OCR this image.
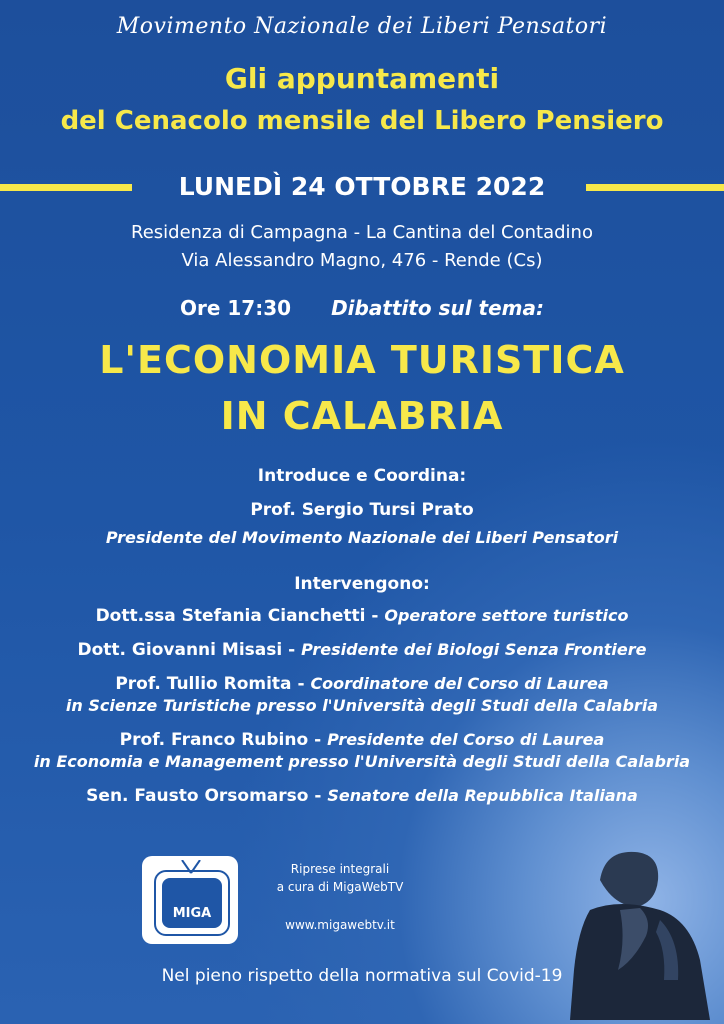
Movimento Nazionale dei Liberi Pensatori
Gli appuntamenti
del Cenacolo mensile del Libero Pensiero
LUNEDÌ 24 OTTOBRE 2022
Residenza di Campagna - La Cantina del Contadino
Via Alessandro Magno, 476 - Rende (Cs)
Ore 17:30 Dibattito sul tema:
L'ECONOMIA TURISTICA
IN CALABRIA
Introduce e Coordina:
Prof. Sergio Tursi Prato
Presidente del Movimento Nazionale dei Liberi Pensatori
Intervengono:
Dott.ssa Stefania Cianchetti - Operatore settore turistico
Dott. Giovanni Misasi - Presidente dei Biologi Senza Frontiere
Prof. Tullio Romita - Coordinatore del Corso di Laurea
in Scienze Turistiche presso l'Università degli Studi della Calabria
Prof. Franco Rubino - Presidente del Corso di Laurea
in Economia e Management presso l'Università degli Studi della Calabria
Sen. Fausto Orsomarso - Senatore della Repubblica Italiana
MIGA
Riprese integrali
a cura di MigaWebTV
www.migawebtv.it
Nel pieno rispetto della normativa sul Covid-19
